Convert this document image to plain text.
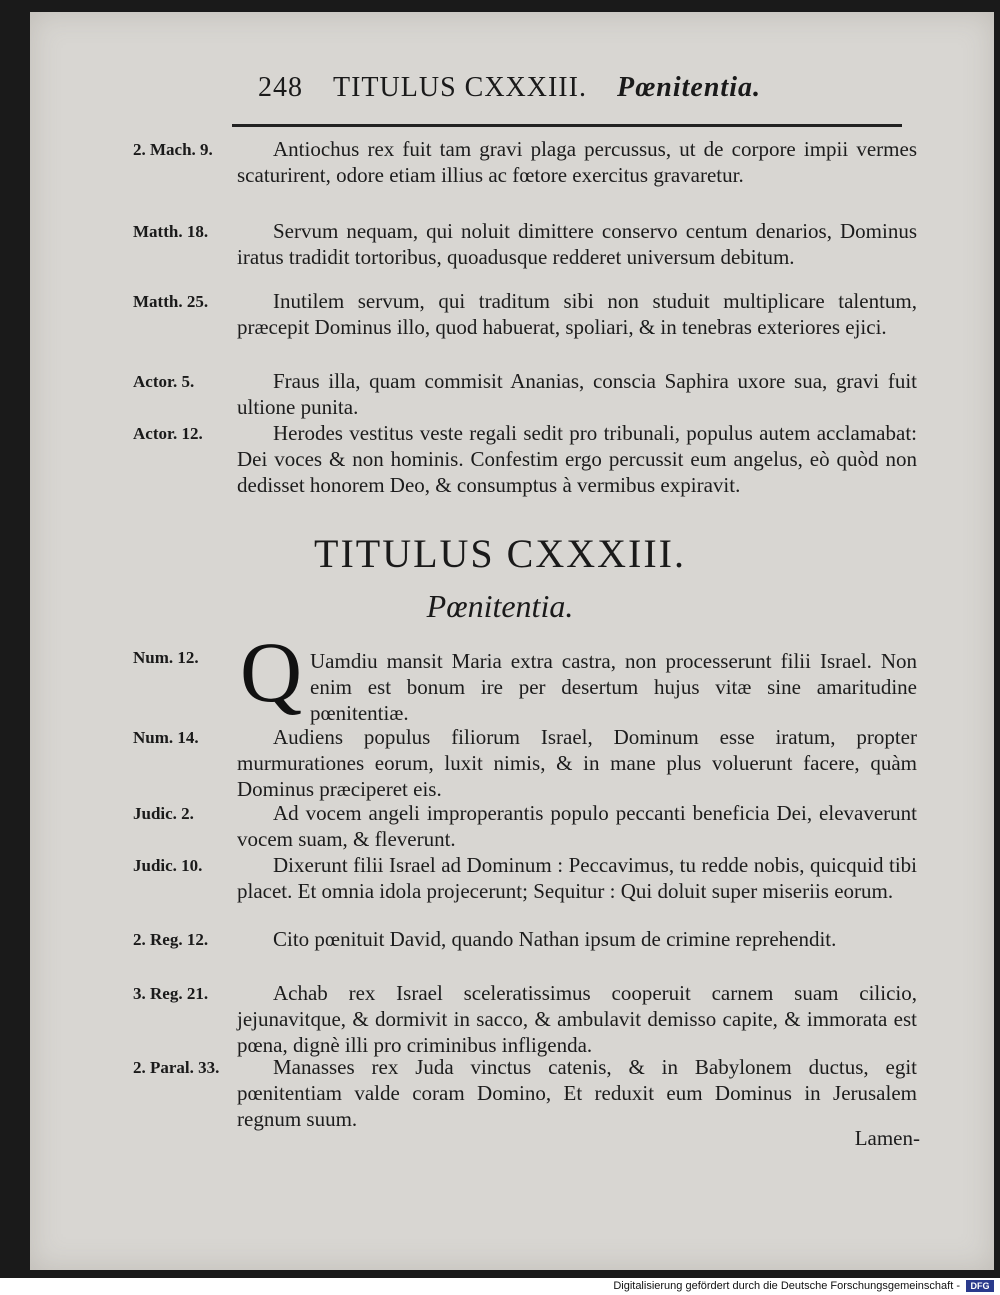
248 TITULUS CXXXIII. Pœnitentia.
2. Mach. 9.	Antiochus rex fuit tam gravi plaga percussus, ut de corpore impii vermes scaturirent, odore etiam illius ac fœtore exercitus gravaretur.
Matth. 18.	Servum nequam, qui noluit dimittere conservo centum denarios, Dominus iratus tradidit tortoribus, quoadusque redderet universum debitum.
Matth. 25.	Inutilem servum, qui traditum sibi non studuit multiplicare talentum, præcepit Dominus illo, quod habuerat, spoliari, & in tenebras exteriores ejici.
Actor. 5.	Fraus illa, quam commisit Ananias, conscia Saphira uxore sua, gravi fuit ultione punita.
Actor. 12.	Herodes vestitus veste regali sedit pro tribunali, populus autem acclamabat: Dei voces & non hominis. Confestim ergo percussit eum angelus, eò quòd non dedisset honorem Deo, & consumptus à vermibus expiravit.
TITULUS CXXXIII.
Pœnitentia.
Num. 12. Q Uamdiu mansit Maria extra castra, non processerunt filii Israel. Non enim est bonum ire per desertum hujus vitæ sine amaritudine pœnitentiæ.
Num. 14.	Audiens populus filiorum Israel, Dominum esse iratum, propter murmurationes eorum, luxit nimis, & in mane plus voluerunt facere, quàm Dominus præciperet eis.
Judic. 2.	Ad vocem angeli improperantis populo peccanti beneficia Dei, elevaverunt vocem suam, & fleverunt.
Judic. 10.	Dixerunt filii Israel ad Dominum : Peccavimus, tu redde nobis, quicquid tibi placet. Et omnia idola projecerunt; Sequitur : Qui doluit super miseriis eorum.
2. Reg. 12.	Cito pœnituit David, quando Nathan ipsum de crimine reprehendit.
3. Reg. 21.	Achab rex Israel sceleratissimus cooperuit carnem suam cilicio, jejunavitque, & dormivit in sacco, & ambulavit demisso capite, & immorata est pœna, dignè illi pro criminibus infligenda.
2. Paral. 33.	Manasses rex Juda vinctus catenis, & in Babylonem ductus, egit pœnitentiam valde coram Domino, Et reduxit eum Dominus in Jerusalem regnum suum.
Lamen-
Digitalisierung gefördert durch die Deutsche Forschungsgemeinschaft -	DFG
